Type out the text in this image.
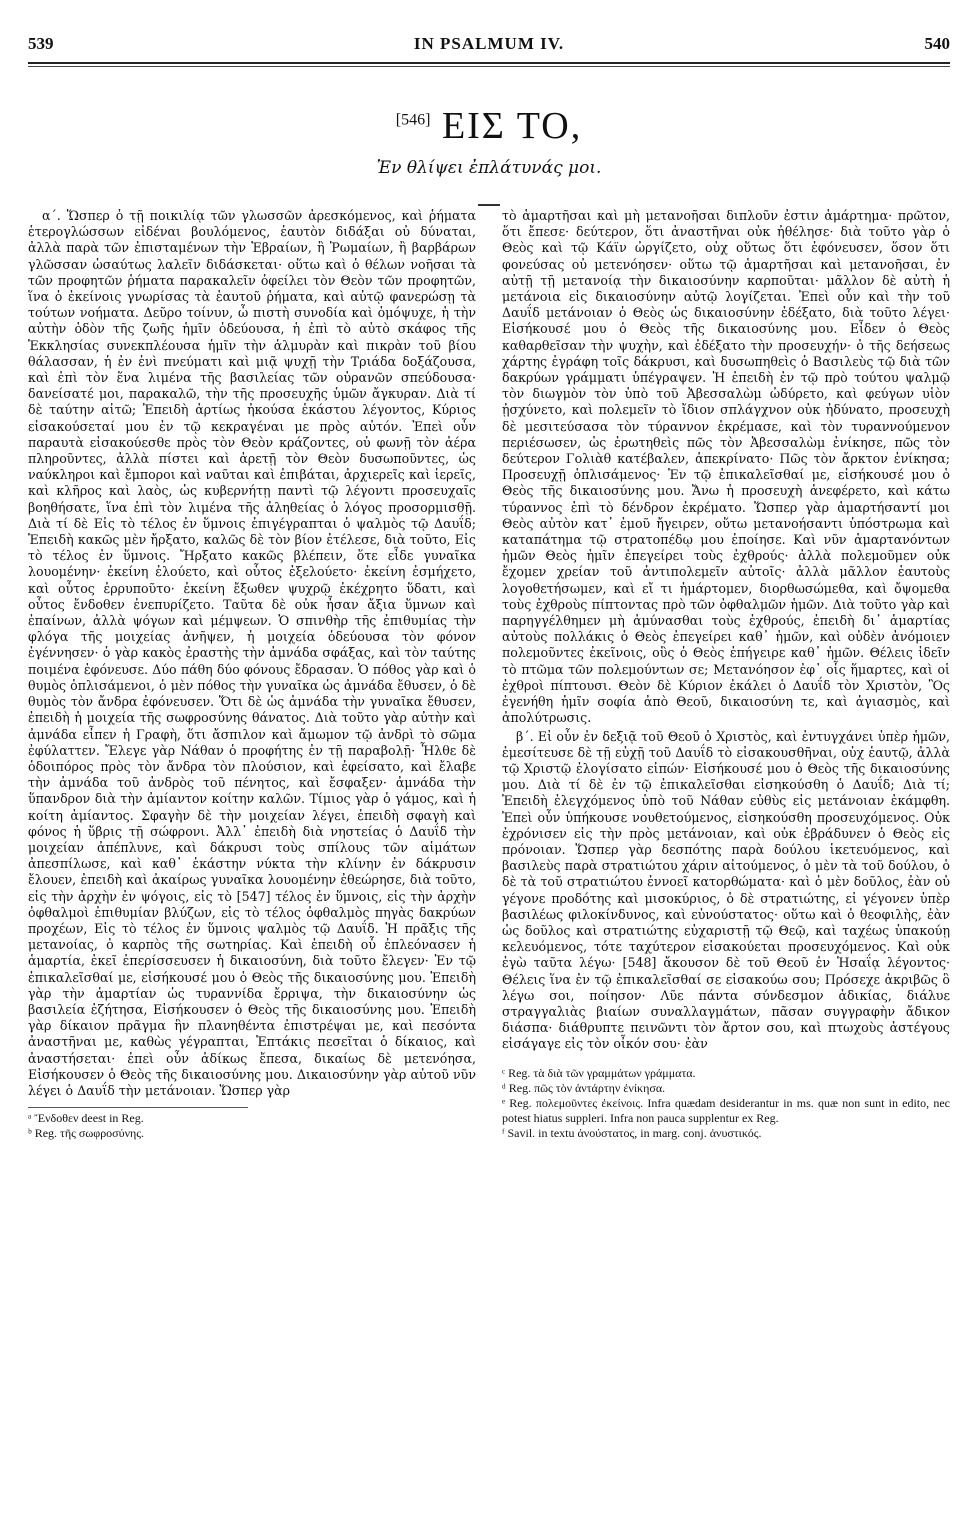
539	IN PSALMUM IV.	540
[546] ΕΙΣ ΤΟ,
Ἐν θλίψει ἐπλάτυνάς μοι.

α΄. Ὥσπερ ὁ τῇ ποικιλίᾳ τῶν γλωσσῶν ἀρεσκόμενος, καὶ ῥήματα ἑτερογλώσσων εἰδέναι βουλόμενος, ἑαυτὸν διδάξαι οὐ δύναται, ἀλλὰ παρὰ τῶν ἐπισταμένων τὴν Ἑβραίων, ἢ Ῥωμαίων, ἢ βαρβάρων γλῶσσαν ὡσαύτως λαλεῖν διδάσκεται· οὕτω καὶ ὁ θέλων νοῆσαι τὰ τῶν προφητῶν ῥήματα παρακαλεῖν ὀφείλει τὸν Θεὸν τῶν προφητῶν, ἵνα ὁ ἐκείνοις γνωρίσας τὰ ἑαυτοῦ ῥήματα, καὶ αὐτῷ φανερώσῃ τὰ τούτων νοήματα. Δεῦρο τοίνυν, ὦ πιστὴ συνοδία καὶ ὁμόψυχε, ἡ τὴν αὐτὴν ὁδὸν τῆς ζωῆς ἡμῖν ὁδεύουσα, ἡ ἐπὶ τὸ αὐτὸ σκάφος τῆς Ἐκκλησίας συνεκπλέουσα ἡμῖν τὴν ἁλμυρὰν καὶ πικρὰν τοῦ βίου θάλασσαν, ἡ ἐν ἑνὶ πνεύματι καὶ μιᾷ ψυχῇ τὴν Τριάδα δοξάζουσα, καὶ ἐπὶ τὸν ἕνα λιμένα τῆς βασιλείας τῶν οὐρανῶν σπεύδουσα· δανείσατέ μοι, παρακαλῶ, τὴν τῆς προσευχῆς ὑμῶν ἄγκυραν. Διὰ τί δὲ ταύτην αἰτῶ; Ἐπειδὴ ἀρτίως ἠκούσα ἑκάστου λέγοντος, Κύριος εἰσακούσεταί μου ἐν τῷ κεκραγέναι με πρὸς αὐτόν. Ἐπεὶ οὖν παραυτὰ εἰσακούεσθε πρὸς τὸν Θεὸν κράζοντες, οὐ φωνῇ τὸν ἀέρα πληροῦντες, ἀλλὰ πίστει καὶ ἀρετῇ τὸν Θεὸν δυσωποῦντες, ὡς ναύκληροι καὶ ἔμποροι καὶ ναῦται καὶ ἐπιβάται, ἀρχιερεῖς καὶ ἱερεῖς, καὶ κλῆρος καὶ λαὸς, ὡς κυβερνήτῃ παντὶ τῷ λέγοντι προσευχαῖς βοηθήσατε, ἵνα ἐπὶ τὸν λιμένα τῆς ἀληθείας ὁ λόγος προσορμισθῇ. Διὰ τί δὲ Εἰς τὸ τέλος ἐν ὕμνοις ἐπιγέγραπται ὁ ψαλμὸς τῷ Δαυΐδ; Ἐπειδὴ κακῶς μὲν ἤρξατο, καλῶς δὲ τὸν βίον ἐτέλεσε, διὰ τοῦτο, Εἰς τὸ τέλος ἐν ὕμνοις. Ἤρξατο κακῶς βλέπειν, ὅτε εἶδε γυναῖκα λουομένην· ἐκείνη ἐλούετο, καὶ οὗτος ἐξελούετο· ἐκείνη ἐσμήχετο, καὶ οὗτος ἐρρυποῦτο· ἐκείνη ἔξωθεν ψυχρῷ ἐκέχρητο ὕδατι, καὶ οὗτος ἔνδοθεν ἐνεπυρίζετο. Ταῦτα δὲ οὐκ ἦσαν ἄξια ὕμνων καὶ ἐπαίνων, ἀλλὰ ψόγων καὶ μέμψεων. Ὁ σπινθὴρ τῆς ἐπιθυμίας τὴν φλόγα τῆς μοιχείας ἀνῆψεν, ἡ μοιχεία ὁδεύουσα τὸν φόνον ἐγέννησεν· ὁ γὰρ κακὸς ἐραστὴς τὴν ἀμνάδα σφάξας, καὶ τὸν ταύτης ποιμένα ἐφόνευσε. Δύο πάθη δύο φόνους ἔδρασαν. Ὁ πόθος γὰρ καὶ ὁ θυμὸς ὁπλισάμενοι, ὁ μὲν πόθος τὴν γυναῖκα ὡς ἀμνάδα ἔθυσεν, ὁ δὲ θυμὸς τὸν ἄνδρα ἐφόνευσεν. Ὅτι δὲ ὡς ἀμνάδα τὴν γυναῖκα ἔθυσεν, ἐπειδὴ ἡ μοιχεία τῆς σωφροσύνης θάνατος. Διὰ τοῦτο γὰρ αὐτὴν καὶ ἀμνάδα εἶπεν ἡ Γραφὴ, ὅτι ἄσπιλον καὶ ἄμωμον τῷ ἀνδρὶ τὸ σῶμα ἐφύλαττεν. Ἔλεγε γὰρ Νάθαν ὁ προφήτης ἐν τῇ παραβολῇ· Ἦλθε δὲ ὁδοιπόρος πρὸς τὸν ἄνδρα τὸν πλούσιον, καὶ ἐφείσατο, καὶ ἔλαβε τὴν ἀμνάδα τοῦ ἀνδρὸς τοῦ πένητος, καὶ ἔσφαξεν· ἀμνάδα τὴν ὕπανδρον διὰ τὴν ἀμίαντον κοίτην καλῶν. Τίμιος γὰρ ὁ γάμος, καὶ ἡ κοίτη ἀμίαντος. Σφαγὴν δὲ τὴν μοιχείαν λέγει, ἐπειδὴ σφαγὴ καὶ φόνος ἡ ὕβρις τῇ σώφρονι. Ἀλλ᾽ ἐπειδὴ διὰ νηστείας ὁ Δαυΐδ τὴν μοιχείαν ἀπέπλυνε, καὶ δάκρυσι τοὺς σπίλους τῶν αἱμάτων ἀπεσπίλωσε, καὶ καθ᾽ ἑκάστην νύκτα τὴν κλίνην ἐν δάκρυσιν ἔλουεν, ἐπειδὴ καὶ ἀκαίρως γυναῖκα λουομένην ἐθεώρησε, διὰ τοῦτο, εἰς τὴν ἀρχὴν ἐν ψόγοις, εἰς τὸ [547] τέλος ἐν ὕμνοις, εἰς τὴν ἀρχὴν ὀφθαλμοὶ ἐπιθυμίαν βλύζων, εἰς τὸ τέλος ὀφθαλμὸς πηγὰς δακρύων προχέων, Εἰς τὸ τέλος ἐν ὕμνοις ψαλμὸς τῷ Δαυΐδ. Ἡ πρᾶξις τῆς μετανοίας, ὁ καρπὸς τῆς σωτηρίας. Καὶ ἐπειδὴ οὗ ἐπλεόνασεν ἡ ἁμαρτία, ἐκεῖ ἐπερίσσευσεν ἡ δικαιοσύνη, διὰ τοῦτο ἔλεγεν· Ἐν τῷ ἐπικαλεῖσθαί με, εἰσήκουσέ μου ὁ Θεὸς τῆς δικαιοσύνης μου. Ἐπειδὴ γὰρ τὴν ἁμαρτίαν ὡς τυραννίδα ἔρριψα, τὴν δικαιοσύνην ὡς βασιλεία ἐζήτησα, Εἰσήκουσεν ὁ Θεὸς τῆς δικαιοσύνης μου. Ἐπειδὴ γὰρ δίκαιον πρᾶγμα ἣν πλανηθέντα ἐπιστρέψαι με, καὶ πεσόντα ἀναστῆναι με, καθὼς γέγραπται, Ἑπτάκις πεσεῖται ὁ δίκαιος, καὶ ἀναστήσεται· ἐπεὶ οὖν ἀδίκως ἔπεσα, δικαίως δὲ μετενόησα, Εἰσήκουσεν ὁ Θεὸς τῆς δικαιοσύνης μου. Δικαιοσύνην γὰρ αὐτοῦ νῦν λέγει ὁ Δαυΐδ τὴν μετάνοιαν. Ὥσπερ γὰρ

ᵃ Ἔνδοθεν deest in Reg.
ᵇ Reg. τῆς σωφροσύνης.

τὸ ἁμαρτῆσαι καὶ μὴ μετανοῆσαι διπλοῦν ἐστιν ἁμάρτημα· πρῶτον, ὅτι ἔπεσε· δεύτερον, ὅτι ἀναστῆναι οὐκ ἠθέλησε· διὰ τοῦτο γὰρ ὁ Θεὸς καὶ τῷ Κάϊν ὠργίζετο, οὐχ οὕτως ὅτι ἐφόνευσεν, ὅσον ὅτι φονεύσας οὐ μετενόησεν· οὕτω τῷ ἁμαρτῆσαι καὶ μετανοῆσαι, ἐν αὐτῇ τῇ μετανοίᾳ τὴν δικαιοσύνην καρποῦται· μᾶλλον δὲ αὐτὴ ἡ μετάνοια εἰς δικαιοσύνην αὐτῷ λογίζεται. Ἐπεὶ οὖν καὶ τὴν τοῦ Δαυΐδ μετάνοιαν ὁ Θεὸς ὡς δικαιοσύνην ἐδέξατο, διὰ τοῦτο λέγει· Εἰσήκουσέ μου ὁ Θεὸς τῆς δικαιοσύνης μου. Εἶδεν ὁ Θεὸς καθαρθεῖσαν τὴν ψυχὴν, καὶ ἐδέξατο τὴν προσευχήν· ὁ τῆς δεήσεως χάρτης ἐγράφη τοῖς δάκρυσι, καὶ δυσωπηθεὶς ὁ Βασιλεὺς τῷ διὰ τῶν δακρύων γράμματι ὑπέγραψεν. Ἡ ἐπειδὴ ἐν τῷ πρὸ τούτου ψαλμῷ τὸν διωγμὸν τὸν ὑπὸ τοῦ Ἀβεσσαλὼμ ὠδύρετο, καὶ φεύγων υἱὸν ᾐσχύνετο, καὶ πολεμεῖν τὸ ἴδιον σπλάγχνον οὐκ ἠδύνατο, προσευχὴ δὲ μεσιτεύσασα τὸν τύραννον ἐκρέμασε, καὶ τὸν τυραννούμενον περιέσωσεν, ὡς ἐρωτηθεὶς πῶς τὸν Ἀβεσσαλὼμ ἐνίκησε, πῶς τὸν δεύτερον Γολιὰθ κατέβαλεν, ἀπεκρίνατο· Πῶς τὸν ἄρκτον ἐνίκησα; Προσευχῇ ὁπλισάμενος· Ἐν τῷ ἐπικαλεῖσθαί με, εἰσήκουσέ μου ὁ Θεὸς τῆς δικαιοσύνης μου. Ἄνω ἡ προσευχὴ ἀνεφέρετο, καὶ κάτω τύραννος ἐπὶ τὸ δένδρον ἐκρέματο. Ὥσπερ γὰρ ἁμαρτήσαντί μοι Θεὸς αὐτὸν κατ᾽ ἐμοῦ ἤγειρεν, οὕτω μετανοήσαντι ὑπόστρωμα καὶ καταπάτημα τῷ στρατοπέδῳ μου ἐποίησε. Καὶ νῦν ἁμαρτανόντων ἡμῶν Θεὸς ἡμῖν ἐπεγείρει τοὺς ἐχθρούς· ἀλλὰ πολεμοῦμεν οὐκ ἔχομεν χρείαν τοῦ ἀντιπολεμεῖν αὐτοῖς· ἀλλὰ μᾶλλον ἑαυτοὺς λογοθετήσωμεν, καὶ εἴ τι ἡμάρτομεν, διορθωσώμεθα, καὶ ὄψομεθα τοὺς ἐχθροὺς πίπτοντας πρὸ τῶν ὀφθαλμῶν ἡμῶν. Διὰ τοῦτο γὰρ καὶ παρηγγέλθημεν μὴ ἀμύνασθαι τοὺς ἐχθρούς, ἐπειδὴ δι᾽ ἁμαρτίας αὐτοὺς πολλάκις ὁ Θεὸς ἐπεγείρει καθ᾽ ἡμῶν, καὶ οὐδὲν ἀνόμοιεν πολεμοῦντες ἐκεῖνοις, οὓς ὁ Θεὸς ἐπήγειρε καθ᾽ ἡμῶν. Θέλεις ἰδεῖν τὸ πτῶμα τῶν πολεμούντων σε; Μετανόησον ἐφ᾽ οἷς ἥμαρτες, καὶ οἱ ἐχθροὶ πίπτουσι. Θεὸν δὲ Κύριον ἐκάλει ὁ Δαυΐδ τὸν Χριστὸν, Ὃς ἐγενήθη ἡμῖν σοφία ἀπὸ Θεοῦ, δικαιοσύνη τε, καὶ ἁγιασμὸς, καὶ ἀπολύτρωσις.

β΄. Εἰ οὖν ἐν δεξιᾷ τοῦ Θεοῦ ὁ Χριστὸς, καὶ ἐντυγχάνει ὑπὲρ ἡμῶν, ἐμεσίτευσε δὲ τῇ εὐχῇ τοῦ Δαυΐδ τὸ εἰσακουσθῆναι, οὐχ ἑαυτῷ, ἀλλὰ τῷ Χριστῷ ἐλογίσατο εἰπών· Εἰσήκουσέ μου ὁ Θεὸς τῆς δικαιοσύνης μου. Διὰ τί δὲ ἐν τῷ ἐπικαλεῖσθαι εἰσηκούσθη ὁ Δαυΐδ; Διὰ τί; Ἐπειδὴ ἐλεγχόμενος ὑπὸ τοῦ Νάθαν εὐθὺς εἰς μετάνοιαν ἐκάμφθη. Ἐπεὶ οὖν ὑπήκουσε νουθετούμενος, εἰσηκούσθη προσευχόμενος. Οὐκ ἐχρόνισεν εἰς τὴν πρὸς μετάνοιαν, καὶ οὐκ ἐβράδυνεν ὁ Θεὸς εἰς πρόνοιαν. Ὥσπερ γὰρ δεσπότης παρὰ δούλου ἱκετευόμενος, καὶ βασιλεὺς παρὰ στρατιώτου χάριν αἰτούμενος, ὁ μὲν τὰ τοῦ δούλου, ὁ δὲ τὰ τοῦ στρατιώτου ἐννοεῖ κατορθώματα· καὶ ὁ μὲν δοῦλος, ἐὰν οὐ γέγονε προδότης καὶ μισοκύριος, ὁ δὲ στρατιώτης, εἰ γέγονεν ὑπὲρ βασιλέως φιλοκίνδυνος, καὶ εὐνούστατος· οὕτω καὶ ὁ θεοφιλὴς, ἐὰν ὡς δοῦλος καὶ στρατιώτης εὐχαριστῇ τῷ Θεῷ, καὶ ταχέως ὑπακούῃ κελευόμενος, τότε ταχύτερον εἰσακούεται προσευχόμενος. Καὶ οὐκ ἐγὼ ταῦτα λέγω· [548] ἄκουσον δὲ τοῦ Θεοῦ ἐν Ἡσαΐᾳ λέγοντος· Θέλεις ἵνα ἐν τῷ ἐπικαλεῖσθαί σε εἰσακούω σου; Πρόσεχε ἀκριβῶς ὃ λέγω σοι, ποίησον· Λῦε πάντα σύνδεσμον ἀδικίας, διάλυε στραγγαλιὰς βιαίων συναλλαγμάτων, πᾶσαν συγγραφὴν ἄδικον διάσπα· διάθρυπτε πεινῶντι τὸν ἄρτον σου, καὶ πτωχοὺς ἀστέγους εἰσάγαγε εἰς τὸν οἶκόν σου· ἐὰν

ᶜ Reg. τὰ διὰ τῶν γραμμάτων γράμματα.
ᵈ Reg. πῶς τὸν ἀντάρτην ἐνίκησα.
ᵉ Reg. πολεμοῦντες ἐκείνοις. Infra quædam desiderantur in ms. quæ non sunt in edito, nec potest hiatus suppleri. Infra non pauca supplentur ex Reg.
ᶠ Savil. in textu ἀνούστατος, in marg. conj. ἀνυστικός.
